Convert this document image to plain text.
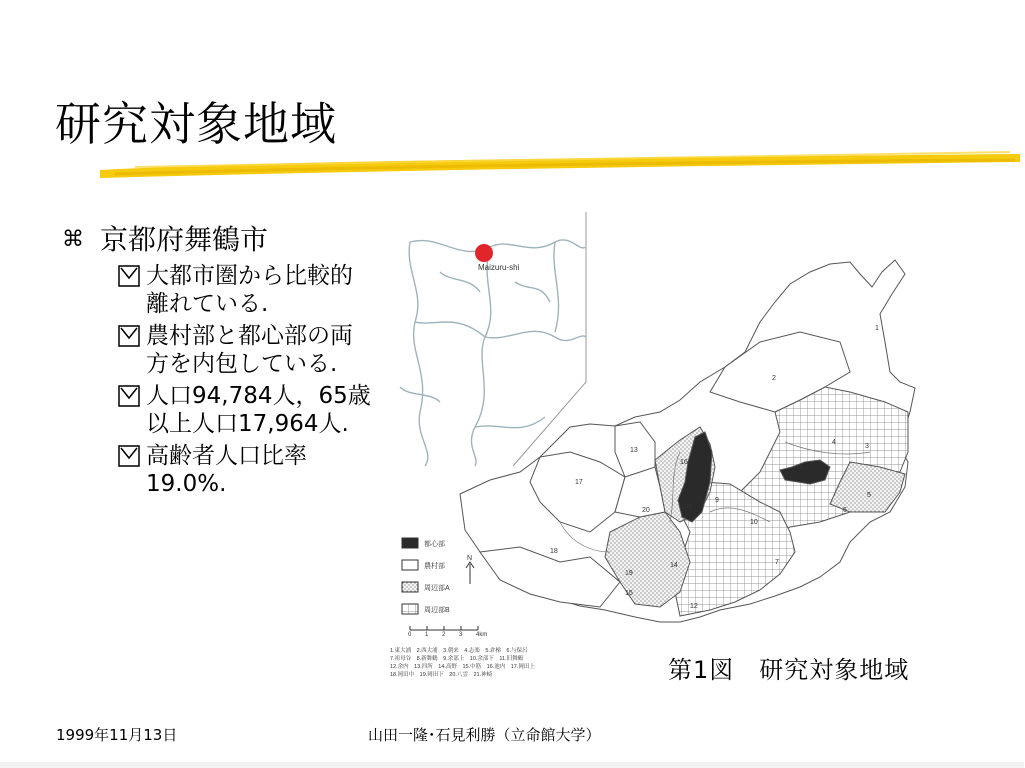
研究対象地域
⌘ 京都府舞鶴市
大都市圏から比較的離れている.
農村部と都心部の両方を内包している.
人口94,784人，65歳以上人口17,964人.
高齢者人口比率19.0%.
Maizuru-shi
2
1
3
4
5
6
7
11
12
14
15
18
17
19
20
16
13
9
10
8
都心部
農村部
周辺部A
周辺部B
N
0 1 2 3 4km
1.東大浦　2.西大浦　3.朝来　4.志楽　5.倉梯　6.与保呂
7.祖母谷　8.新舞鶴　9.余部上　10.余部下　11.旧舞鶴
12.余内　13.四所　14.高野　15.中筋　16.池内　17.岡田上
18.岡田中　19.岡田下　20.八雲　21.神崎	第1図　研究対象地域
1999年11月13日	山田一隆･石見利勝（立命館大学）
